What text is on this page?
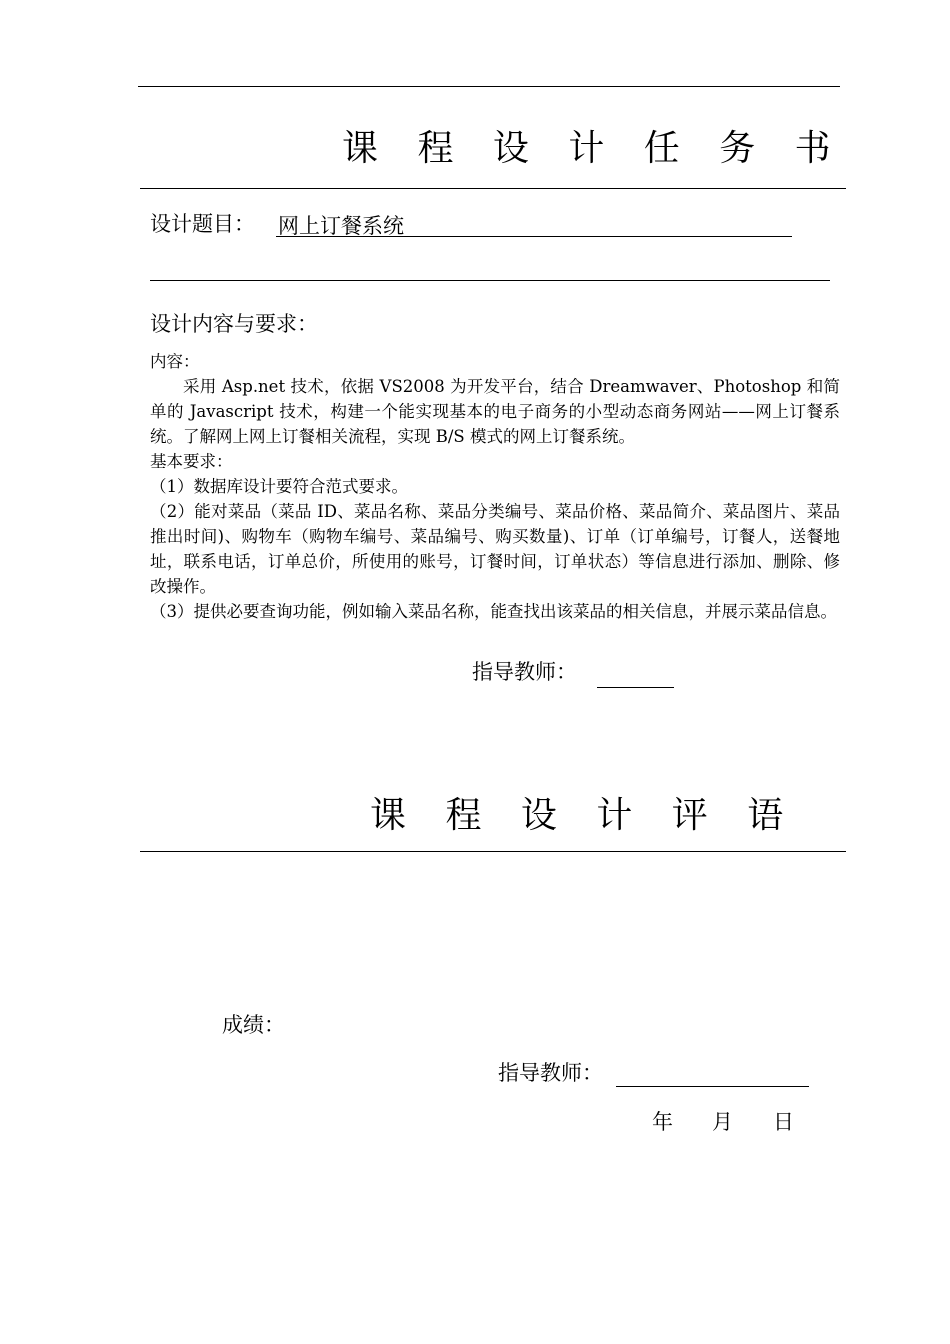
课 程 设 计 任 务 书
设计题目： 网上订餐系统
设计内容与要求：

内容：

采用 Asp.net 技术，依据 VS2008 为开发平台，结合 Dreamwaver、Photoshop 和简单的 Javascript 技术，构建一个能实现基本的电子商务的小型动态商务网站——网上订餐系统。了解网上网上订餐相关流程，实现 B/S 模式的网上订餐系统。

基本要求：

（1）数据库设计要符合范式要求。

（2）能对菜品（菜品 ID、菜品名称、菜品分类编号、菜品价格、菜品简介、菜品图片、菜品推出时间)、购物车（购物车编号、菜品编号、购买数量)、订单（订单编号，订餐人，送餐地址，联系电话，订单总价，所使用的账号，订餐时间，订单状态）等信息进行添加、删除、修改操作。

（3）提供必要查询功能，例如输入菜品名称，能查找出该菜品的相关信息，并展示菜品信息。

指导教师：
课 程 设 计 评 语
成绩：
指导教师：
年 月 日
